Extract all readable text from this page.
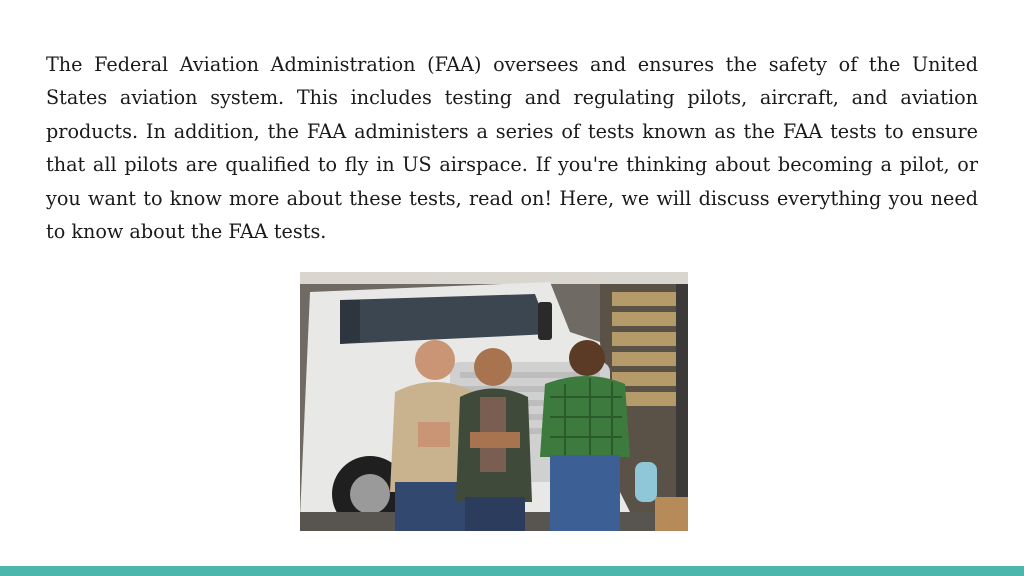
The Federal Aviation Administration (FAA) oversees and ensures the safety of the United States aviation system. This includes testing and regulating pilots, aircraft, and aviation products. In addition, the FAA administers a series of tests known as the FAA tests to ensure that all pilots are qualified to fly in US airspace. If you're thinking about becoming a pilot, or you want to know more about these tests, read on! Here, we will discuss everything you need to know about the FAA tests.
